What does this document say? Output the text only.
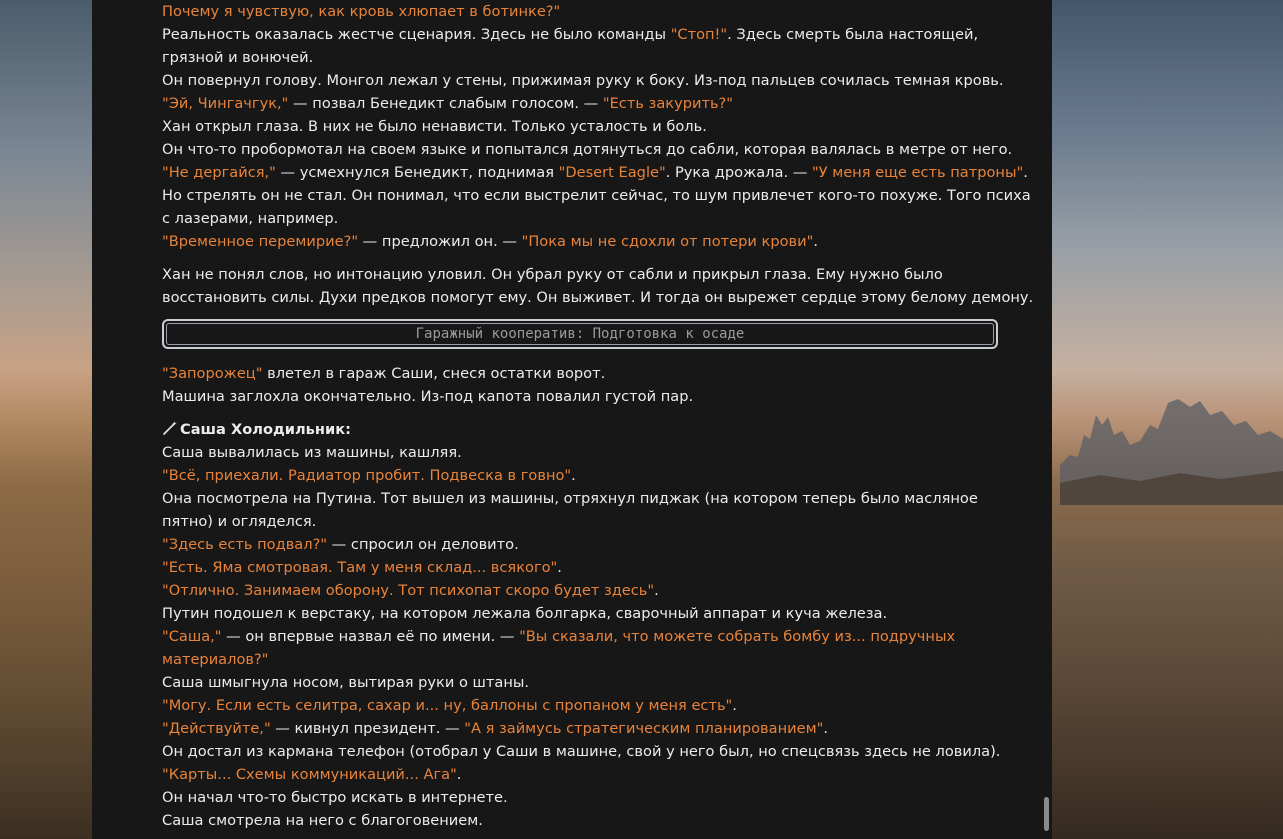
Почему я чувствую, как кровь хлюпает в ботинке?"
Реальность оказалась жестче сценария. Здесь не было команды "Стоп!". Здесь смерть была настоящей,
грязной и вонючей.
Он повернул голову. Монгол лежал у стены, прижимая руку к боку. Из-под пальцев сочилась темная кровь.
"Эй, Чингачгук," — позвал Бенедикт слабым голосом. — "Есть закурить?"
Хан открыл глаза. В них не было ненависти. Только усталость и боль.
Он что-то пробормотал на своем языке и попытался дотянуться до сабли, которая валялась в метре от него.
"Не дергайся," — усмехнулся Бенедикт, поднимая "Desert Eagle". Рука дрожала. — "У меня еще есть патроны".
Но стрелять он не стал. Он понимал, что если выстрелит сейчас, то шум привлечет кого-то похуже. Того психа
с лазерами, например.
"Временное перемирие?" — предложил он. — "Пока мы не сдохли от потери крови".
Хан не понял слов, но интонацию уловил. Он убрал руку от сабли и прикрыл глаза. Ему нужно было
восстановить силы. Духи предков помогут ему. Он выживет. И тогда он вырежет сердце этому белому демону.
Гаражный кооператив: Подготовка к осаде
"Запорожец" влетел в гараж Саши, снеся остатки ворот.
Машина заглохла окончательно. Из-под капота повалил густой пар.
Саша Холодильник:
Саша вывалилась из машины, кашляя.
"Всё, приехали. Радиатор пробит. Подвеска в говно".
Она посмотрела на Путина. Тот вышел из машины, отряхнул пиджак (на котором теперь было масляное
пятно) и огляделся.
"Здесь есть подвал?" — спросил он деловито.
"Есть. Яма смотровая. Там у меня склад... всякого".
"Отлично. Занимаем оборону. Тот психопат скоро будет здесь".
Путин подошел к верстаку, на котором лежала болгарка, сварочный аппарат и куча железа.
"Саша," — он впервые назвал её по имени. — "Вы сказали, что можете собрать бомбу из... подручных
материалов?"
Саша шмыгнула носом, вытирая руки о штаны.
"Могу. Если есть селитра, сахар и... ну, баллоны с пропаном у меня есть".
"Действуйте," — кивнул президент. — "А я займусь стратегическим планированием".
Он достал из кармана телефон (отобрал у Саши в машине, свой у него был, но спецсвязь здесь не ловила).
"Карты... Схемы коммуникаций... Ага".
Он начал что-то быстро искать в интернете.
Саша смотрела на него с благоговением.
